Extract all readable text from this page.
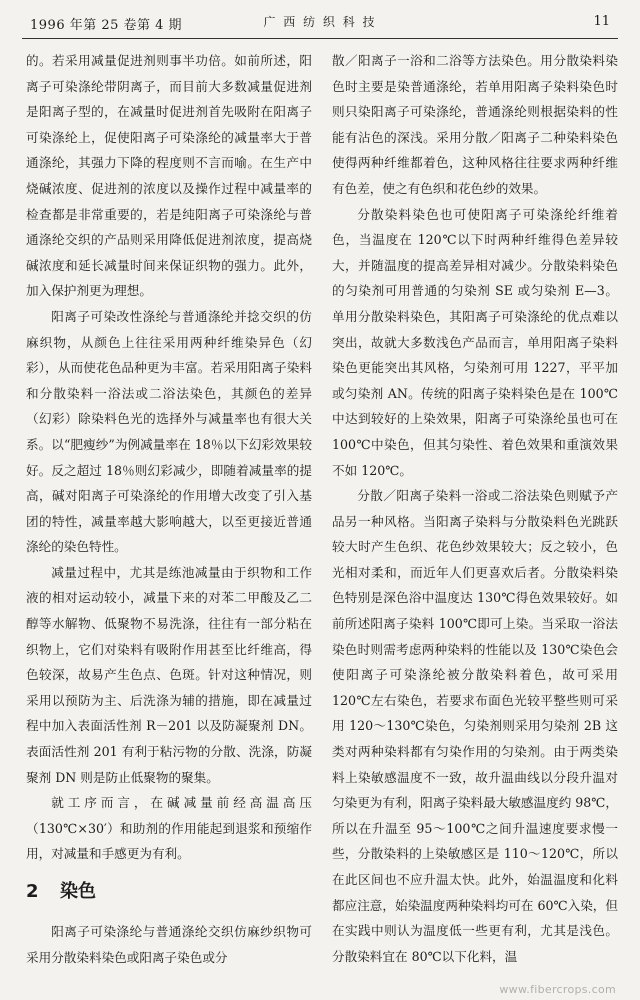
1996 年第 25 卷第 4 期	广 西 纺 织 科 技	11

的。若采用减量促进剂则事半功倍。如前所述，阳离子可染涤纶带阴离子，而目前大多数减量促进剂是阳离子型的，在减量时促进剂首先吸附在阳离子可染涤纶上，促使阳离子可染涤纶的减量率大于普通涤纶，其强力下降的程度则不言而喻。在生产中烧碱浓度、促进剂的浓度以及操作过程中减量率的检查都是非常重要的，若是纯阳离子可染涤纶与普通涤纶交织的产品则采用降低促进剂浓度，提高烧碱浓度和延长减量时间来保证织物的强力。此外，加入保护剂更为理想。

阳离子可染改性涤纶与普通涤纶并捻交织的仿麻织物，从颜色上往往采用两种纤维染异色（幻彩），从而使花色品种更为丰富。若采用阳离子染料和分散染料一浴法或二浴法染色，其颜色的差异（幻彩）除染料色光的选择外与减量率也有很大关系。以“肥瘦纱”为例减量率在 18％以下幻彩效果较好。反之超过 18％则幻彩减少，即随着减量率的提高，碱对阳离子可染涤纶的作用增大改变了引入基团的特性，减量率越大影响越大，以至更接近普通涤纶的染色特性。

减量过程中，尤其是练池减量由于织物和工作液的相对运动较小，减量下来的对苯二甲酸及乙二醇等水解物、低聚物不易洗涤，往往有一部分粘在织物上，它们对染料有吸附作用甚至比纤维高，得色较深，故易产生色点、色斑。针对这种情况，则采用以预防为主、后洗涤为辅的措施，即在减量过程中加入表面活性剂 R－201 以及防凝聚剂 DN。表面活性剂 201 有利于粘污物的分散、洗涤，防凝聚剂 DN 则是防止低聚物的聚集。

就工序而言，在碱减量前经高温高压（130℃×30′）和助剂的作用能起到退浆和预缩作用，对减量和手感更为有利。

2 染色

阳离子可染涤纶与普通涤纶交织仿麻纱织物可采用分散染料染色或阳离子染色或分

散／阳离子一浴和二浴等方法染色。用分散染料染色时主要是染普通涤纶，若单用阳离子染料染色时则只染阳离子可染涤纶，普通涤纶则根据染料的性能有沾色的深浅。采用分散／阳离子二种染料染色使得两种纤维都着色，这种风格往往要求两种纤维有色差，使之有色织和花色纱的效果。

分散染料染色也可使阳离子可染涤纶纤维着色，当温度在 120℃以下时两种纤维得色差异较大，并随温度的提高差异相对减少。分散染料染色的匀染剂可用普通的匀染剂 SE 或匀染剂 E—3。单用分散染料染色，其阳离子可染涤纶的优点难以突出，故就大多数浅色产品而言，单用阳离子染料染色更能突出其风格，匀染剂可用 1227，平平加或匀染剂 AN。传统的阳离子染料染色是在 100℃中达到较好的上染效果，阳离子可染涤纶虽也可在 100℃中染色，但其匀染性、着色效果和重演效果不如 120℃。

分散／阳离子染料一浴或二浴法染色则赋予产品另一种风格。当阳离子染料与分散染料色光跳跃较大时产生色织、花色纱效果较大；反之较小，色光相对柔和，而近年人们更喜欢后者。分散染料染色特别是深色浴中温度达 130℃得色效果较好。如前所述阳离子染料 100℃即可上染。当采取一浴法染色时则需考虑两种染料的性能以及 130℃染色会使阳离子可染涤纶被分散染料着色，故可采用 120℃左右染色，若要求布面色光较平整些则可采用 120～130℃染色，匀染剂则采用匀染剂 2B 这类对两种染料都有匀染作用的匀染剂。由于两类染料上染敏感温度不一致，故升温曲线以分段升温对匀染更为有利，阳离子染料最大敏感温度约 98℃，所以在升温至 95～100℃之间升温速度要求慢一些，分散染料的上染敏感区是 110～120℃，所以在此区间也不应升温太快。此外，始温温度和化料都应注意，始染温度两种染料均可在 60℃入染，但在实践中则认为温度低一些更有利，尤其是浅色。分散染料宜在 80℃以下化料，温

www.fibercrops.com
